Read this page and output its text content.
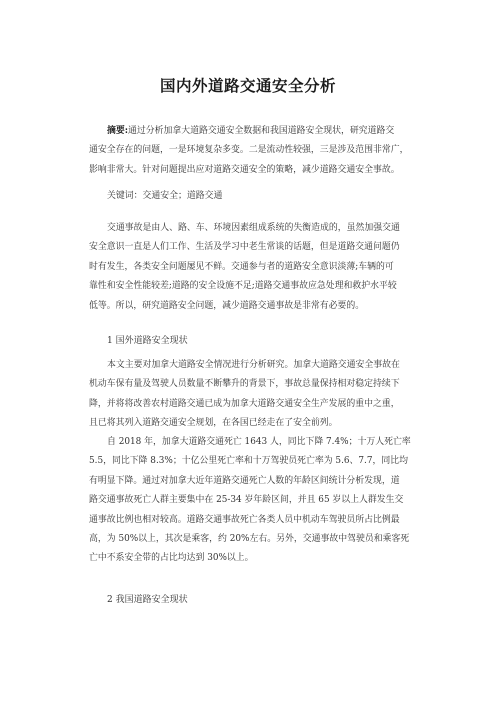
国内外道路交通安全分析
摘要:通过分析加拿大道路交通安全数据和我国道路安全现状，研究道路交
通安全存在的问题，一是环境复杂多变。二是流动性较强，三是涉及范围非常广，
影响非常大。针对问题提出应对道路交通安全的策略，减少道路交通安全事故。
关键词：交通安全；道路交通
交通事故是由人、路、车、环境因素组成系统的失衡造成的，虽然加强交通
安全意识一直是人们工作、生活及学习中老生常谈的话题，但是道路交通问题仍
时有发生，各类安全问题屡见不鲜。交通参与者的道路安全意识淡薄;车辆的可
靠性和安全性能较差;道路的安全设施不足;道路交通事故应急处理和救护水平较
低等。所以，研究道路安全问题，减少道路交通事故是非常有必要的。
1 国外道路安全现状
本文主要对加拿大道路安全情况进行分析研究。加拿大道路交通安全事故在
机动车保有量及驾驶人员数量不断攀升的背景下，事故总量保持相对稳定持续下
降，并将将改善农村道路交通已成为加拿大道路交通安全生产发展的重中之重，
且已将其列入道路交通安全规划，在各国已经走在了安全前列。
自 2018 年，加拿大道路交通死亡 1643 人，同比下降 7.4%；十万人死亡率
5.5，同比下降 8.3%；十亿公里死亡率和十万驾驶员死亡率为 5.6、7.7，同比均
有明显下降。通过对加拿大近年道路交通死亡人数的年龄区间统计分析发现，道
路交通事故死亡人群主要集中在 25-34 岁年龄区间，并且 65 岁以上人群发生交
通事故比例也相对较高。道路交通事故死亡各类人员中机动车驾驶员所占比例最
高，为 50%以上，其次是乘客，约 20%左右。另外，交通事故中驾驶员和乘客死
亡中不系安全带的占比均达到 30%以上。
2 我国道路安全现状
